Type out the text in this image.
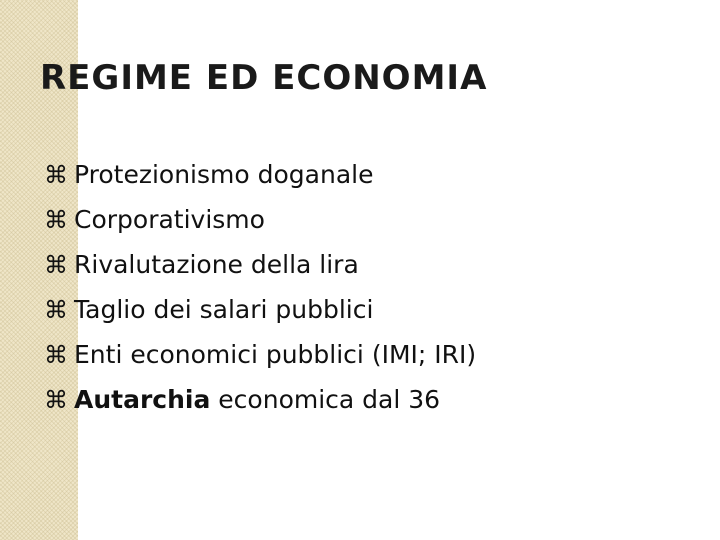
REGIME ED ECONOMIA
⌘ Protezionismo doganale
⌘ Corporativismo
⌘ Rivalutazione della lira
⌘ Taglio dei salari pubblici
⌘ Enti economici pubblici (IMI; IRI)
⌘ Autarchia economica dal 36
